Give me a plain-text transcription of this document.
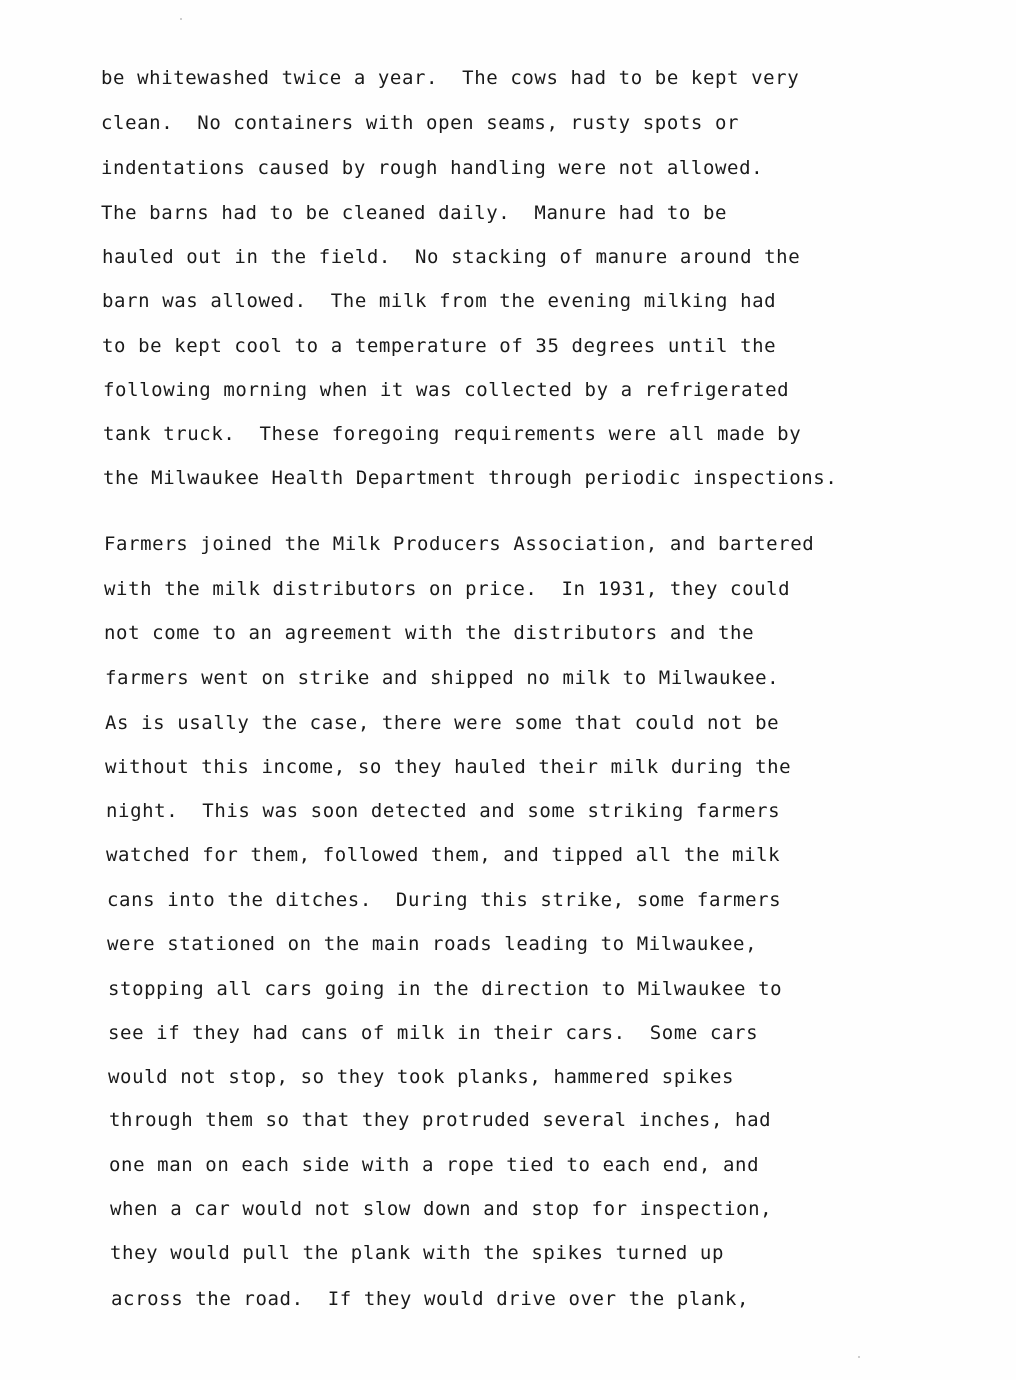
be whitewashed twice a year.  The cows had to be kept very
clean.  No containers with open seams, rusty spots or
indentations caused by rough handling were not allowed.
The barns had to be cleaned daily.  Manure had to be
hauled out in the field.  No stacking of manure around the
barn was allowed.  The milk from the evening milking had
to be kept cool to a temperature of 35 degrees until the
following morning when it was collected by a refrigerated
tank truck.  These foregoing requirements were all made by
the Milwaukee Health Department through periodic inspections.
Farmers joined the Milk Producers Association, and bartered
with the milk distributors on price.  In 1931, they could
not come to an agreement with the distributors and the
farmers went on strike and shipped no milk to Milwaukee.
As is usally the case, there were some that could not be
without this income, so they hauled their milk during the
night.  This was soon detected and some striking farmers
watched for them, followed them, and tipped all the milk
cans into the ditches.  During this strike, some farmers
were stationed on the main roads leading to Milwaukee,
stopping all cars going in the direction to Milwaukee to
see if they had cans of milk in their cars.  Some cars
would not stop, so they took planks, hammered spikes
through them so that they protruded several inches, had
one man on each side with a rope tied to each end, and
when a car would not slow down and stop for inspection,
they would pull the plank with the spikes turned up
across the road.  If they would drive over the plank,
